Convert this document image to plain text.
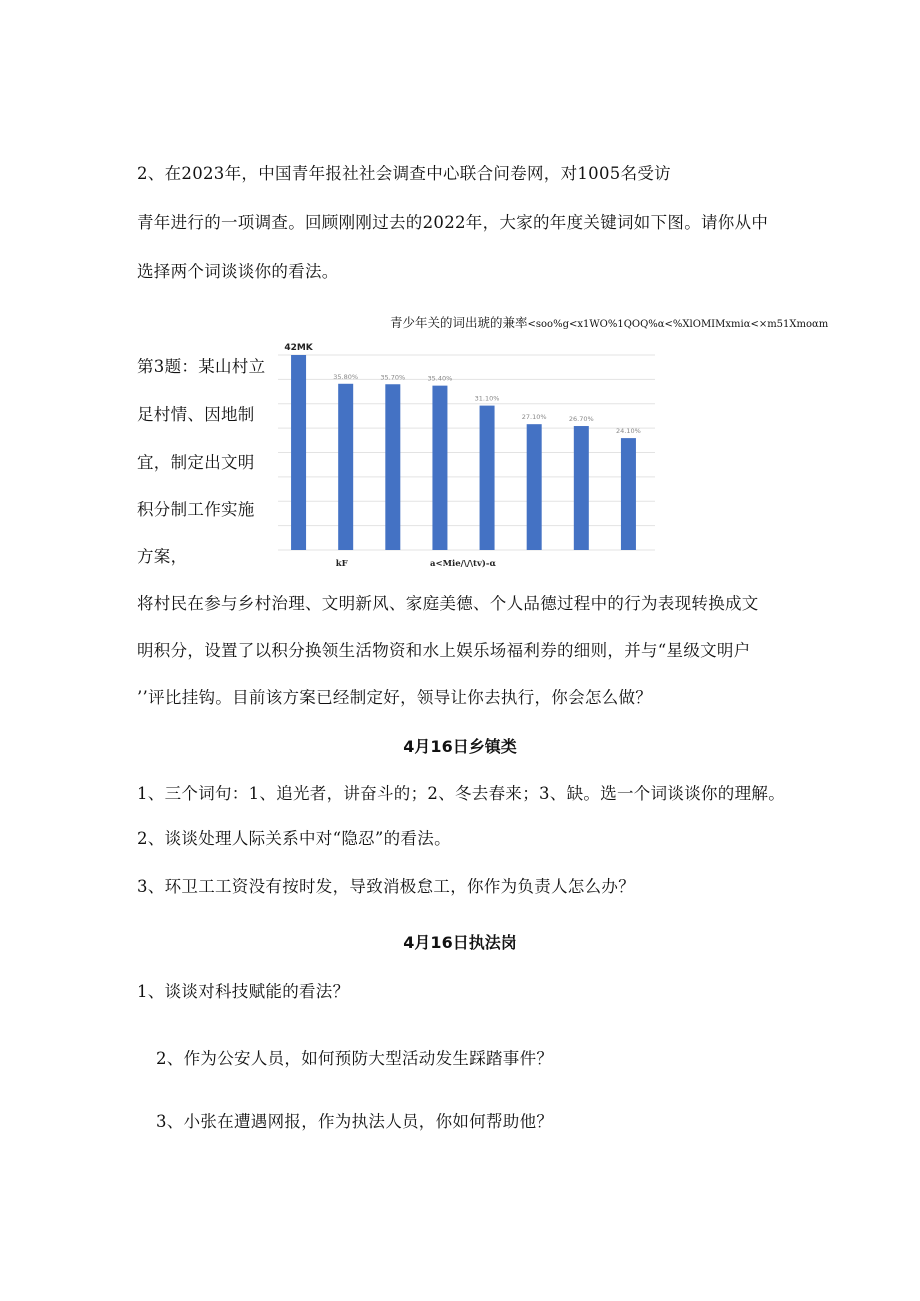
2、在2023年，中国青年报社社会调查中心联合问卷网，对1005名受访
青年进行的一项调查。回顾刚刚过去的2022年，大家的年度关键词如下图。请你从中
选择两个词谈谈你的看法。
青少年关的词出琥的兼率<soo%g<x1WO%1QOQ%α<%XlOMIMxmiα<×m51Xmoαm
42MK
35.80%
kF
35.70%	35.40%
a<Mie/\/\tv)-α
31.10%
27.10%	26.70%
24.10%
第3题：某山村立
足村情、因地制
宜，制定出文明
积分制工作实施
方案，
将村民在参与乡村治理、文明新风、家庭美德、个人品德过程中的行为表现转换成文
明积分，设置了以积分换领生活物资和水上娱乐场福利券的细则，并与“星级文明户
’’评比挂钩。目前该方案已经制定好，领导让你去执行，你会怎么做？
4月16日乡镇类
1、三个词句：1、追光者，讲奋斗的；2、冬去春来；3、缺。选一个词谈谈你的理解。
2、谈谈处理人际关系中对“隐忍”的看法。
3、环卫工工资没有按时发，导致消极怠工，你作为负责人怎么办？
4月16日执法岗
1、谈谈对科技赋能的看法？
2、作为公安人员，如何预防大型活动发生踩踏事件？
3、小张在遭遇网报，作为执法人员，你如何帮助他？
